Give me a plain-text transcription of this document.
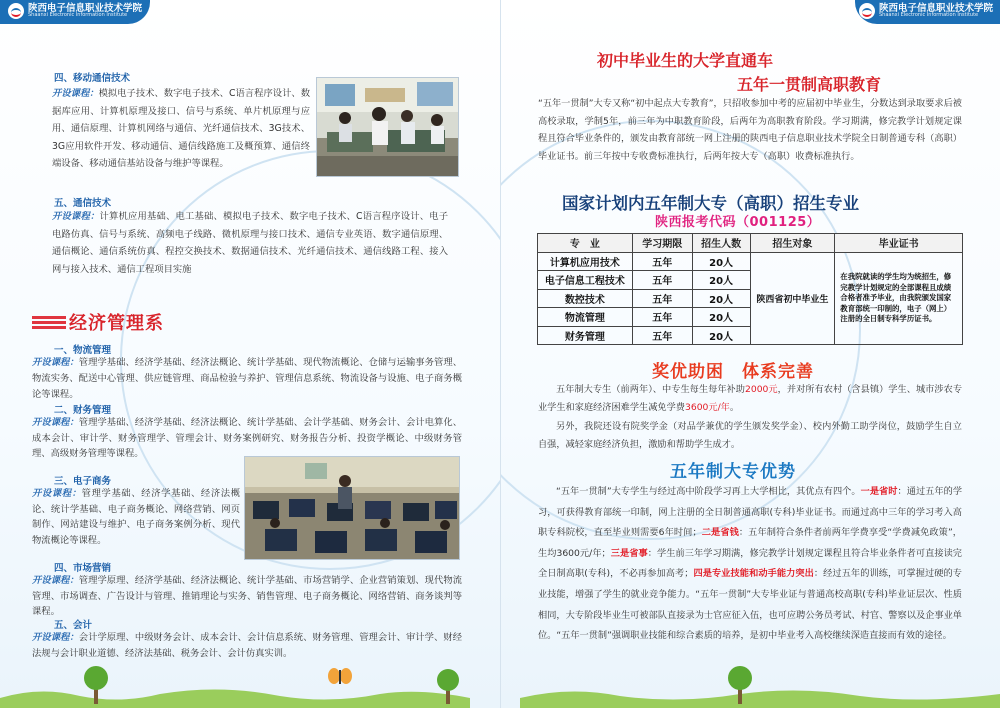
陕西电子信息职业技术学院
Shaanxi Electronic Information Institute
四、移动通信技术
开设课程：模拟电子技术、数字电子技术、C语言程序设计、数据库应用、计算机原理及接口、信号与系统、单片机原理与应用、通信原理、计算机网络与通信、光纤通信技术、3G技术、3G应用软件开发、移动通信、通信线路施工及概预算、通信终端设备、移动通信基站设备与维护等课程。
五、通信技术
开设课程：计算机应用基础、电工基础、模拟电子技术、数字电子技术、C语言程序设计、电子电路仿真、信号与系统、高频电子线路、微机原理与接口技术、通信专业英语、数字通信原理、通信概论、通信系统仿真、程控交换技术、数据通信技术、光纤通信技术、通信线路工程、接入网与接入技术、通信工程项目实施
经济管理系
一、物流管理
开设课程：管理学基础、经济学基础、经济法概论、统计学基础、现代物流概论、仓储与运输事务管理、物流实务、配送中心管理、供应链管理、商品检验与养护、管理信息系统、物流设备与设施、电子商务概论等课程。
二、财务管理
开设课程：管理学基础、经济学基础、经济法概论、统计学基础、会计学基础、财务会计、会计电算化、成本会计、审计学、财务管理学、管理会计、财务案例研究、财务报告分析、投资学概论、中级财务管理、高级财务管理等课程。
三、电子商务
开设课程：管理学基础、经济学基础、经济法概论、统计学基础、电子商务概论、网络营销、网页制作、网站建设与维护、电子商务案例分析、现代物流概论等课程。
四、市场营销
开设课程：管理学原理、经济学基础、经济法概论、统计学基础、市场营销学、企业营销策划、现代物流管理、市场调查、广告设计与管理、推销理论与实务、销售管理、电子商务概论、网络营销、商务谈判等课程。
五、会计
开设课程：会计学原理、中级财务会计、成本会计、会计信息系统、财务管理、管理会计、审计学、财经法规与会计职业道德、经济法基础、税务会计、会计仿真实训。
陕西电子信息职业技术学院
Shaanxi Electronic Information Institute
初中毕业生的大学直通车
五年一贯制高职教育
“五年一贯制”大专又称“初中起点大专教育”，只招收参加中考的应届初中毕业生，分数达到录取要求后被高校录取，学制5年，前三年为中职教育阶段，后两年为高职教育阶段。学习期满，修完教学计划规定课程且符合毕业条件的，颁发由教育部统一网上注册的陕西电子信息职业技术学院全日制普通专科（高职）毕业证书。前三年按中专收费标准执行，后两年按大专（高职）收费标准执行。
国家计划内五年制大专（高职）招生专业
陕西报考代码（001125）
专　业	学习期限	招生人数	招生对象	毕业证书
计算机应用技术	五年	20人	陕西省初中毕业生	在我院就读的学生均为统招生，修完教学计划规定的全部课程且成绩合格者准予毕业，由我院颁发国家教育部统一印制的，电子（网上）注册的全日制专科学历证书。
电子信息工程技术	五年	20人		
数控技术	五年	20人		
物流管理	五年	20人		
财务管理	五年	20人		
奖优助困　体系完善
五年制大专生（前两年）、中专生每生每年补助2000元，并对所有农村（含县镇）学生、城市涉农专业学生和家庭经济困难学生减免学费3600元/年。
另外，我院还设有院奖学金（对品学兼优的学生颁发奖学金）、校内外勤工助学岗位，鼓励学生自立自强，减轻家庭经济负担，激励和帮助学生成才。
五年制大专优势
“五年一贯制”大专学生与经过高中阶段学习再上大学相比，其优点有四个。一是省时：通过五年的学习，可获得教育部统一印制，网上注册的全日制普通高职(专科)毕业证书。而通过高中三年的学习考入高职专科院校，直至毕业则需要6年时间；二是省钱：五年制符合条件者前两年学费享受“学费减免政策”，生均3600元/年；三是省事：学生前三年学习期满，修完教学计划规定课程且符合毕业条件者可直接读完全日制高职(专科)，不必再参加高考；四是专业技能和动手能力突出：经过五年的训练，可掌握过硬的专业技能，增强了学生的就业竞争能力。“五年一贯制”大专毕业证与普通高校高职(专科)毕业证层次、性质相同，大专阶段毕业生可被部队直接录为士官应征入伍，也可应聘公务员考试、村官、警察以及企事业单位。“五年一贯制”强调职业技能和综合素质的培养，是初中毕业考入高校继续深造直接而有效的途径。
